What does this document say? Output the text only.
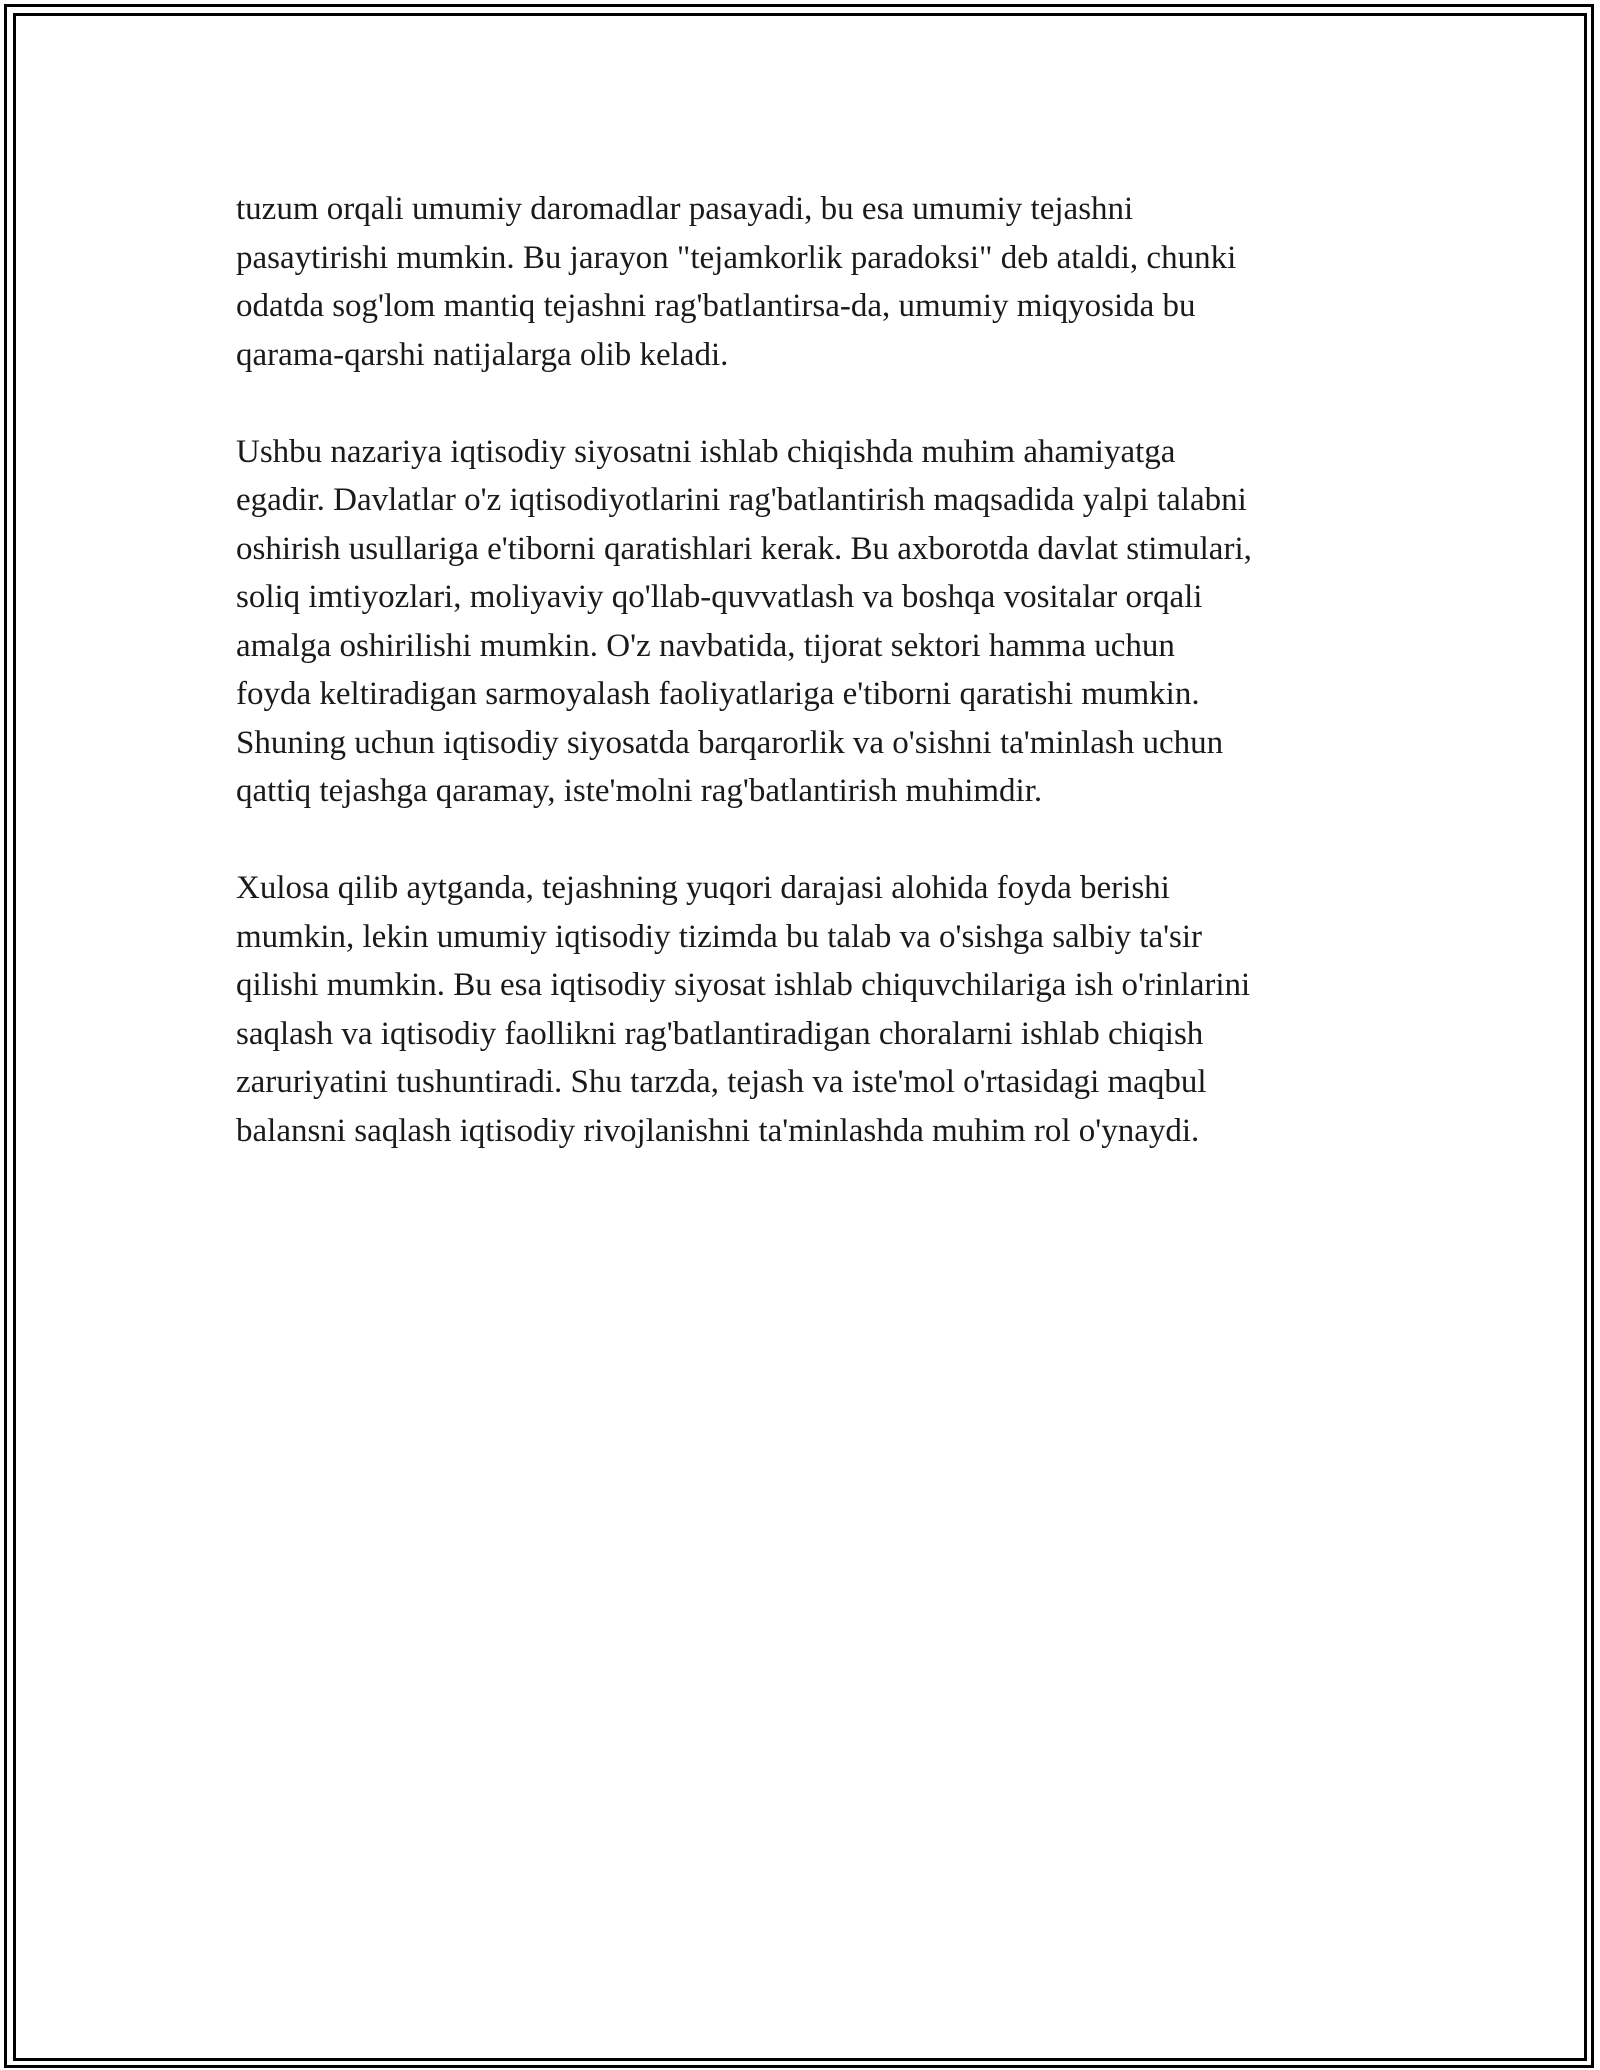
tuzum orqali umumiy daromadlar pasayadi, bu esa umumiy tejashni
pasaytirishi mumkin. Bu jarayon "tejamkorlik paradoksi" deb ataldi, chunki
odatda sog'lom mantiq tejashni rag'batlantirsa-da, umumiy miqyosida bu
qarama-qarshi natijalarga olib keladi.

Ushbu nazariya iqtisodiy siyosatni ishlab chiqishda muhim ahamiyatga
egadir. Davlatlar o'z iqtisodiyotlarini rag'batlantirish maqsadida yalpi talabni
oshirish usullariga e'tiborni qaratishlari kerak. Bu axborotda davlat stimulari,
soliq imtiyozlari, moliyaviy qo'llab-quvvatlash va boshqa vositalar orqali
amalga oshirilishi mumkin. O'z navbatida, tijorat sektori hamma uchun
foyda keltiradigan sarmoyalash faoliyatlariga e'tiborni qaratishi mumkin.
Shuning uchun iqtisodiy siyosatda barqarorlik va o'sishni ta'minlash uchun
qattiq tejashga qaramay, iste'molni rag'batlantirish muhimdir.

Xulosa qilib aytganda, tejashning yuqori darajasi alohida foyda berishi
mumkin, lekin umumiy iqtisodiy tizimda bu talab va o'sishga salbiy ta'sir
qilishi mumkin. Bu esa iqtisodiy siyosat ishlab chiquvchilariga ish o'rinlarini
saqlash va iqtisodiy faollikni rag'batlantiradigan choralarni ishlab chiqish
zaruriyatini tushuntiradi. Shu tarzda, tejash va iste'mol o'rtasidagi maqbul
balansni saqlash iqtisodiy rivojlanishni ta'minlashda muhim rol o'ynaydi.
